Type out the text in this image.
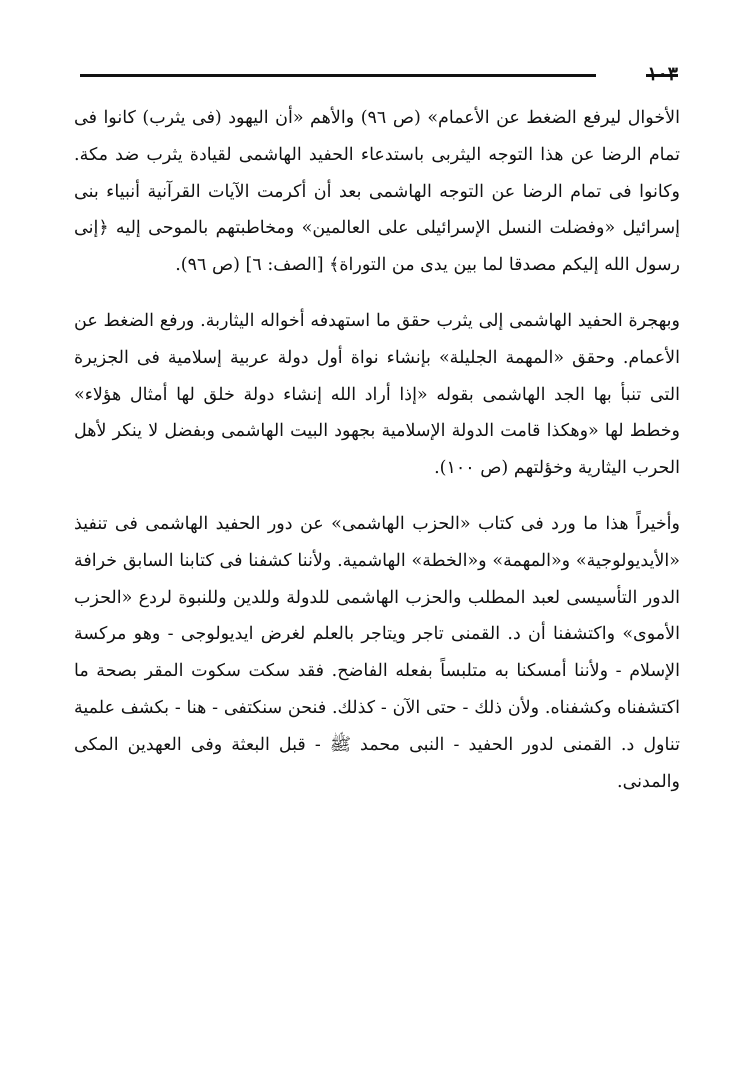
١٠٣

الأخوال ليرفع الضغط عن الأعمام» (ص ٩٦) والأهم «أن اليهود (فى يثرب) كانوا فى تمام الرضا عن هذا التوجه اليثربى باستدعاء الحفيد الهاشمى لقيادة يثرب ضد مكة. وكانوا فى تمام الرضا عن التوجه الهاشمى بعد أن أكرمت الآيات القرآنية أنبياء بنى إسرائيل «وفضلت النسل الإسرائيلى على العالمين» ومخاطبتهم بالموحى إليه ﴿إنى رسول الله إليكم مصدقا لما بين يدى من التوراة﴾ [الصف: ٦] (ص ٩٦).

وبهجرة الحفيد الهاشمى إلى يثرب حقق ما استهدفه أخواله اليثاربة. ورفع الضغط عن الأعمام. وحقق «المهمة الجليلة» بإنشاء نواة أول دولة عربية إسلامية فى الجزيرة التى تنبأ بها الجد الهاشمى بقوله «إذا أراد الله إنشاء دولة خلق لها أمثال هؤلاء» وخطط لها «وهكذا قامت الدولة الإسلامية بجهود البيت الهاشمى وبفضل لا ينكر لأهل الحرب اليثارية وخؤلتهم (ص ١٠٠).

وأخيراً هذا ما ورد فى كتاب «الحزب الهاشمى» عن دور الحفيد الهاشمى فى تنفيذ «الأيديولوجية» و«المهمة» و«الخطة» الهاشمية. ولأننا كشفنا فى كتابنا السابق خرافة الدور التأسيسى لعبد المطلب والحزب الهاشمى للدولة وللدين وللنبوة لردع «الحزب الأموى» واكتشفنا أن د. القمنى تاجر ويتاجر بالعلم لغرض ايديولوجى - وهو مركسة الإسلام - ولأننا أمسكنا به متلبساً بفعله الفاضح. فقد سكت سكوت المقر بصحة ما اكتشفناه وكشفناه. ولأن ذلك - حتى الآن - كذلك. فنحن سنكتفى - هنا - بكشف علمية تناول د. القمنى لدور الحفيد - النبى محمد ﷺ - قبل البعثة وفى العهدين المكى والمدنى.
